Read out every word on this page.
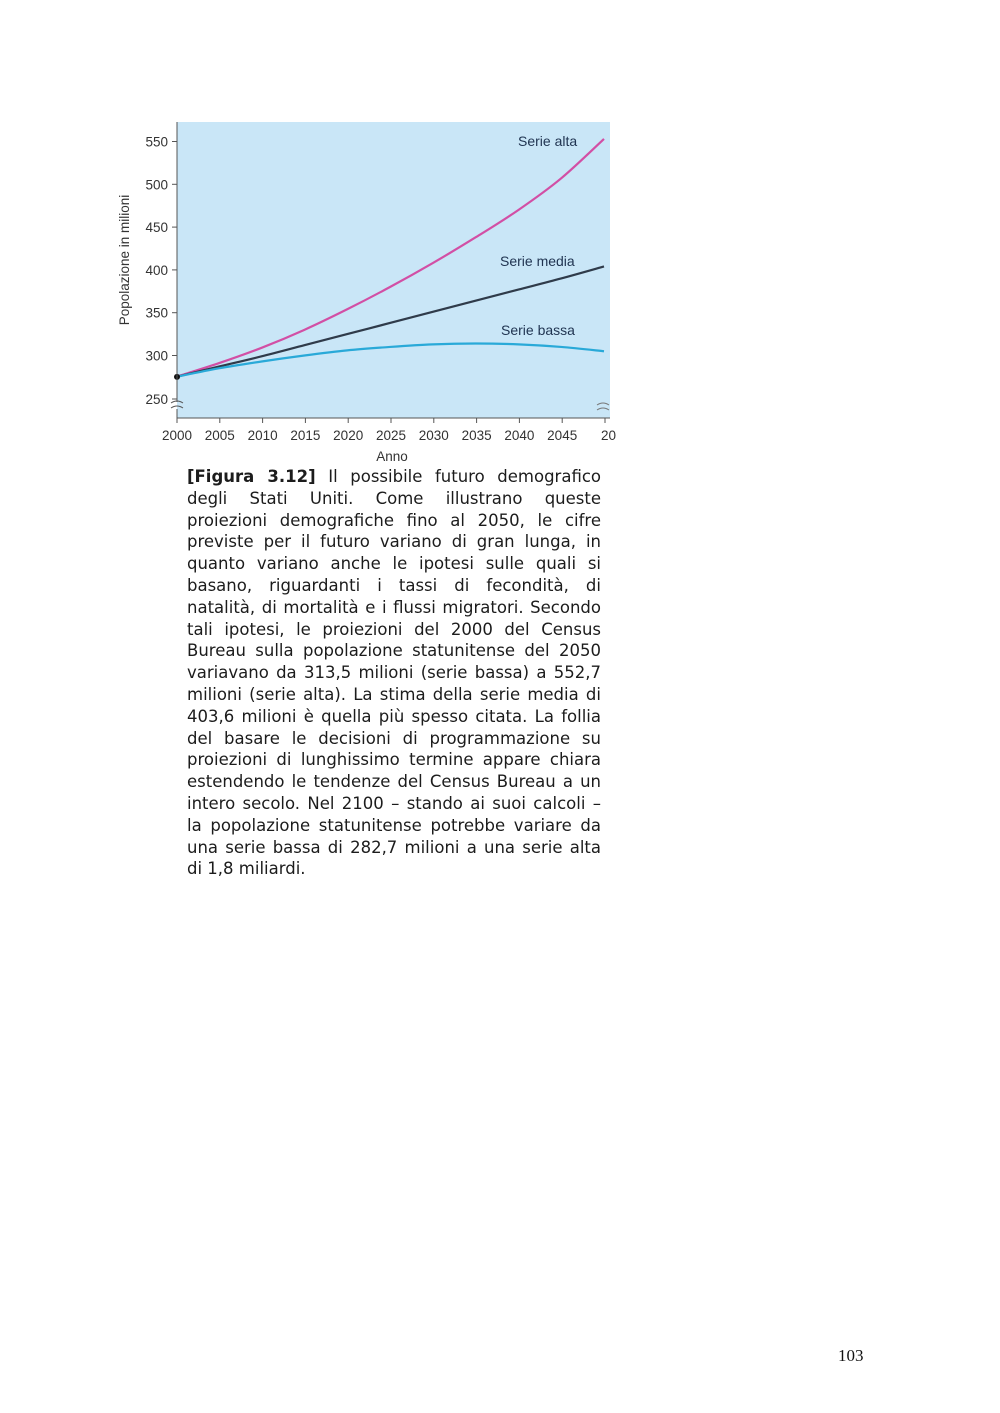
Serie alta
Serie media
Serie bassa
550
500
450
400
350
300
250
2000 2005 2010 2015 2020 2025 2030 2035 2040 2045 20
Popolazione in milioni
Anno
[Figura 3.12] Il possibile futuro demografico degli Stati Uniti. Come illustrano queste proiezioni demografiche fino al 2050, le cifre previste per il futuro variano di gran lunga, in quanto variano anche le ipotesi sulle quali si basano, riguardanti i tassi di fecondità, di natalità, di mortalità e i flussi migratori. Secondo tali ipotesi, le proiezioni del 2000 del Census Bureau sulla popolazione statunitense del 2050 variavano da 313,5 milioni (serie bassa) a 552,7 milioni (serie alta). La stima della serie media di 403,6 milioni è quella più spesso citata. La follia del basare le decisioni di programmazione su proiezioni di lunghissimo termine appare chiara estendendo le tendenze del Census Bureau a un intero secolo. Nel 2100 – stando ai suoi calcoli – la popolazione statunitense potrebbe variare da una serie bassa di 282,7 milioni a una serie alta di 1,8 miliardi.
103
